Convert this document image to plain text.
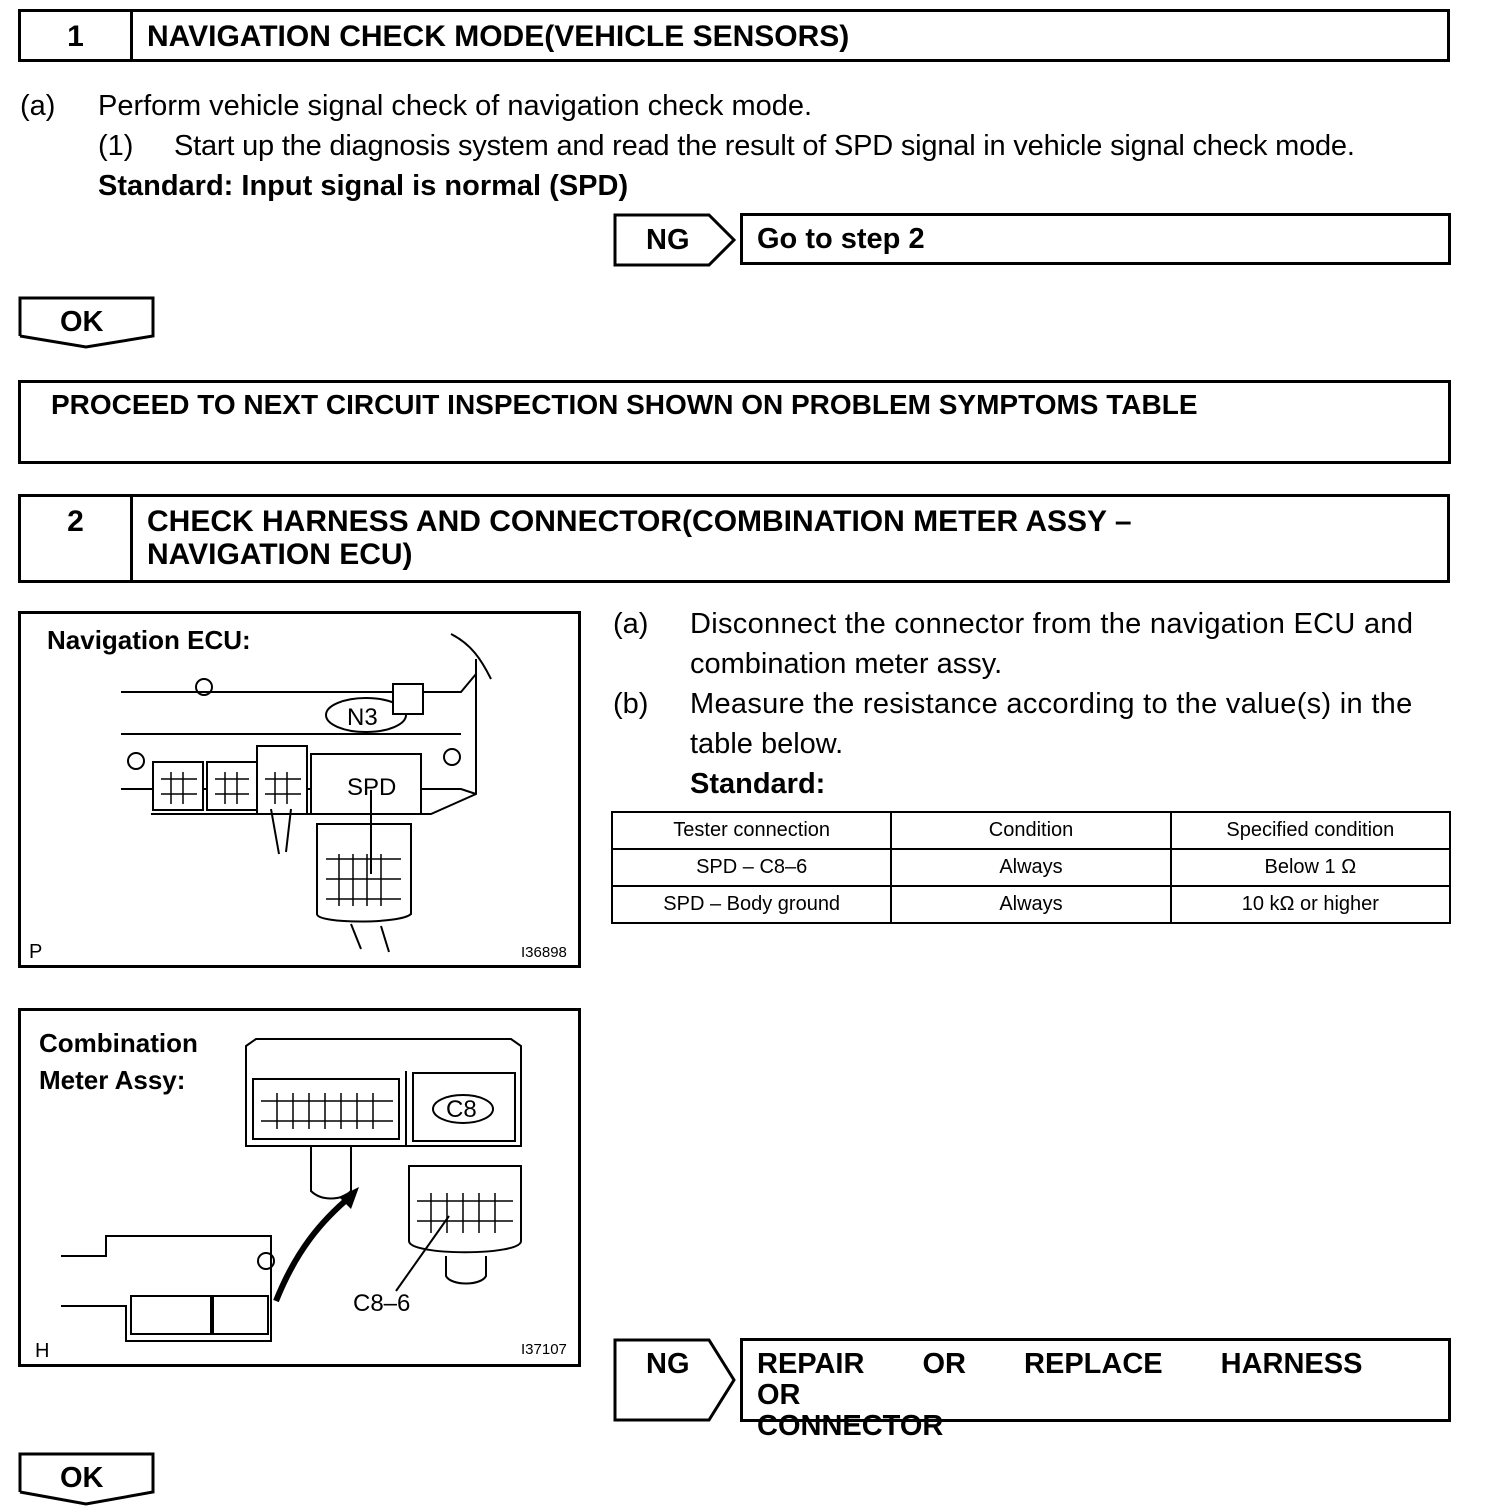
1	NAVIGATION CHECK MODE(VEHICLE SENSORS)
(a) Perform vehicle signal check of navigation check mode.
(1) Start up the diagnosis system and read the result of SPD signal in vehicle signal check mode.
Standard: Input signal is normal (SPD)
NG	Go to step 2
OK
PROCEED TO NEXT CIRCUIT INSPECTION SHOWN ON PROBLEM SYMPTOMS TABLE
2	CHECK HARNESS AND CONNECTOR(COMBINATION METER ASSY –
NAVIGATION ECU)
Navigation ECU:
N3
SPD
P	I36898
(a) Disconnect the connector from the navigation ECU and
combination meter assy.
(b) Measure the resistance according to the value(s) in the
table below.
Standard:
Tester connection	Condition	Specified condition
SPD – C8–6	Always	Below 1 Ω
SPD – Body ground	Always	10 kΩ or higher
Combination
Meter Assy:
C8
C8–6
H	I37107	NG REPAIR OR REPLACE HARNESS OR
CONNECTOR
OK
